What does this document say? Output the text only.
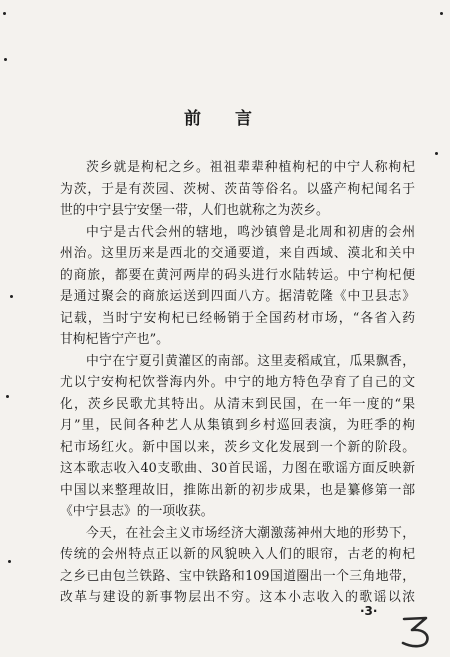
前 言
茨乡就是枸杞之乡。祖祖辈辈种植枸杞的中宁人称枸杞
为茨，于是有茨园、茨树、茨苗等俗名。以盛产枸杞闻名于
世的中宁县宁安堡一带，人们也就称之为茨乡。
中宁是古代会州的辖地，鸣沙镇曾是北周和初唐的会州
州治。这里历来是西北的交通要道，来自西域、漠北和关中
的商旅，都要在黄河两岸的码头进行水陆转运。中宁枸杞便
是通过聚会的商旅运送到四面八方。据清乾隆《中卫县志》
记载，当时宁安枸杞已经畅销于全国药材市场，“各省入药
甘枸杞皆宁产也”。
中宁在宁夏引黄灌区的南部。这里麦稻咸宜，瓜果飘香，
尤以宁安枸杞饮誉海内外。中宁的地方特色孕育了自己的文
化，茨乡民歌尤其特出。从清末到民国，在一年一度的“果
月”里，民间各种艺人从集镇到乡村巡回表演，为旺季的枸
杞市场红火。新中国以来，茨乡文化发展到一个新的阶段。
这本歌志收入40支歌曲、30首民谣，力图在歌谣方面反映新
中国以来整理故旧，推陈出新的初步成果，也是纂修第一部
《中宁县志》的一项收获。
今天，在社会主义市场经济大潮激荡神州大地的形势下，
传统的会州特点正以新的风貌映入人们的眼帘，古老的枸杞
之乡已由包兰铁路、宝中铁路和109国道圈出一个三角地带，
改革与建设的新事物层出不穷。这本小志收入的歌谣以浓
·3·
